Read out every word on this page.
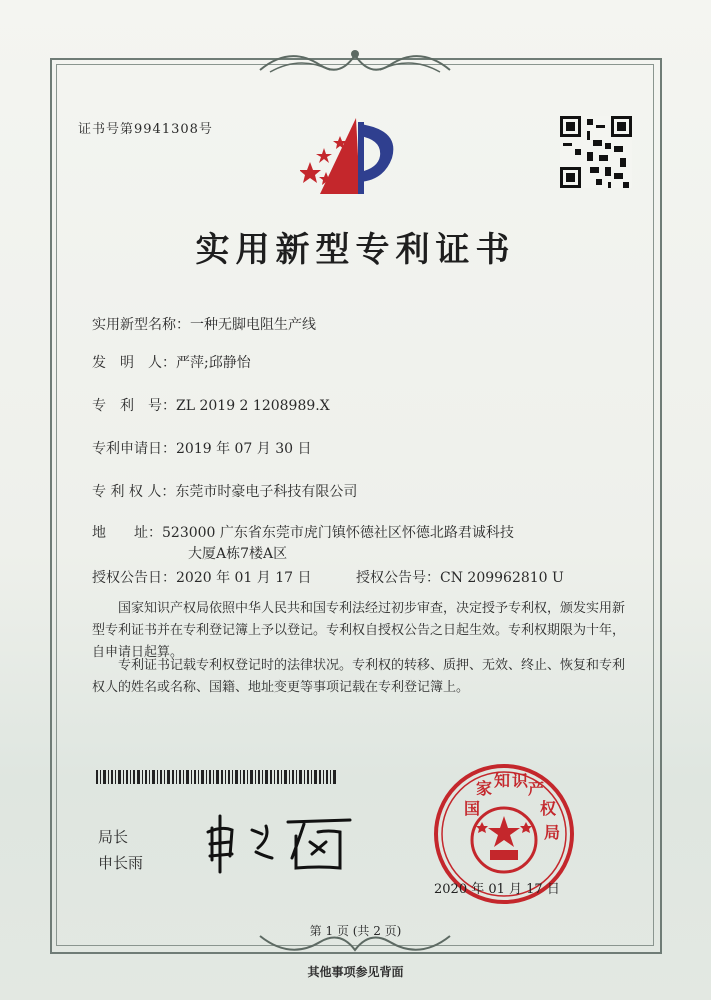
证书号第9941308号
实用新型专利证书
实用新型名称：一种无脚电阻生产线
发　明　人：严萍;邱静怡
专　利　号：ZL 2019 2 1208989.X
专利申请日：2019 年 07 月 30 日
专 利 权 人：东莞市时豪电子科技有限公司
地　　址：523000 广东省东莞市虎门镇怀德社区怀德北路君诚科技
大厦A栋7楼A区
授权公告日：2020 年 01 月 17 日	授权公告号：CN 209962810 U
国家知识产权局依照中华人民共和国专利法经过初步审查，决定授予专利权，颁发实用新型专利证书并在专利登记簿上予以登记。专利权自授权公告之日起生效。专利权期限为十年，自申请日起算。
专利证书记载专利权登记时的法律状况。专利权的转移、质押、无效、终止、恢复和专利权人的姓名或名称、国籍、地址变更等事项记载在专利登记簿上。
局长
申长雨
国
家 知 识 产
权
局
2020 年 01 月 17 日
第 1 页 (共 2 页)
其他事项参见背面
